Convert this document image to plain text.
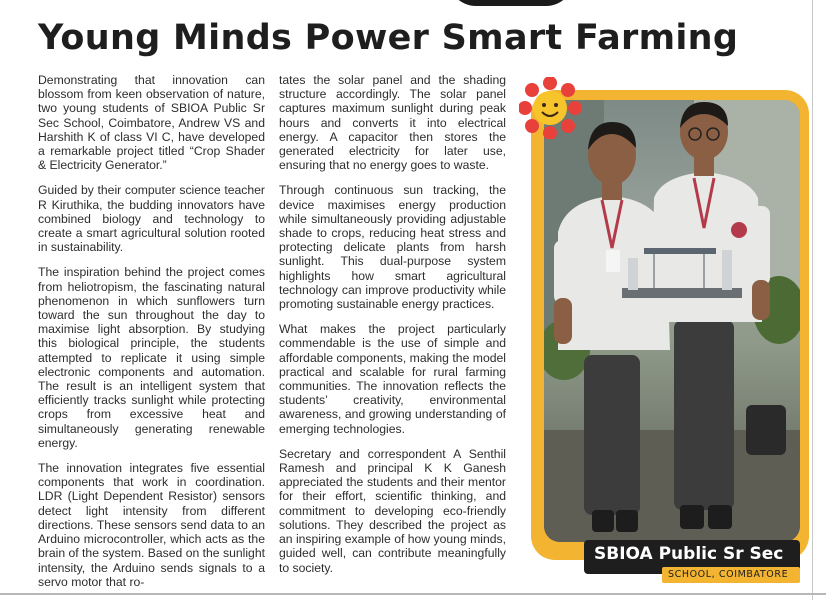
Young Minds Power Smart Farming

Demonstrating that innovation can blossom from keen observation of nature, two young students of SBIOA Public Sr Sec School, Coimbatore, Andrew VS and Harshith K of class VI C, have developed a remarkable project titled “Crop Shader & Electricity Generator.”

Guided by their computer science teacher R Kiruthika, the budding innovators have combined biology and technology to create a smart agricultural solution rooted in sustainability.

The inspiration behind the project comes from heliotropism, the fascinating natural phenomenon in which sunflowers turn toward the sun throughout the day to maximise light absorption. By studying this biological principle, the students attempted to replicate it using simple electronic components and automation. The result is an intelligent system that efficiently tracks sunlight while protecting crops from excessive heat and simultaneously generating renewable energy.

The innovation integrates five essential components that work in coordination. LDR (Light Dependent Resistor) sensors detect light intensity from different directions. These sensors send data to an Arduino microcontroller, which acts as the brain of the system. Based on the sunlight intensity, the Arduino sends signals to a servo motor that ro-

tates the solar panel and the shading structure accordingly. The solar panel captures maximum sunlight during peak hours and converts it into electrical energy. A capacitor then stores the generated electricity for later use, ensuring that no energy goes to waste.

Through continuous sun tracking, the device maximises energy production while simultaneously providing adjustable shade to crops, reducing heat stress and protecting delicate plants from harsh sunlight. This dual-purpose system highlights how smart agricultural technology can improve productivity while promoting sustainable energy practices.

What makes the project particularly commendable is the use of simple and affordable components, making the model practical and scalable for rural farming communities. The innovation reflects the students’ creativity, environmental awareness, and growing understanding of emerging technologies.

Secretary and correspondent A Senthil Ramesh and principal K K Ganesh appreciated the students and their mentor for their effort, scientific thinking, and commitment to developing eco-friendly solutions. They described the project as an inspiring example of how young minds, guided well, can contribute meaningfully to society.

SBIOA Public Sr Sec
SCHOOL, COIMBATORE
